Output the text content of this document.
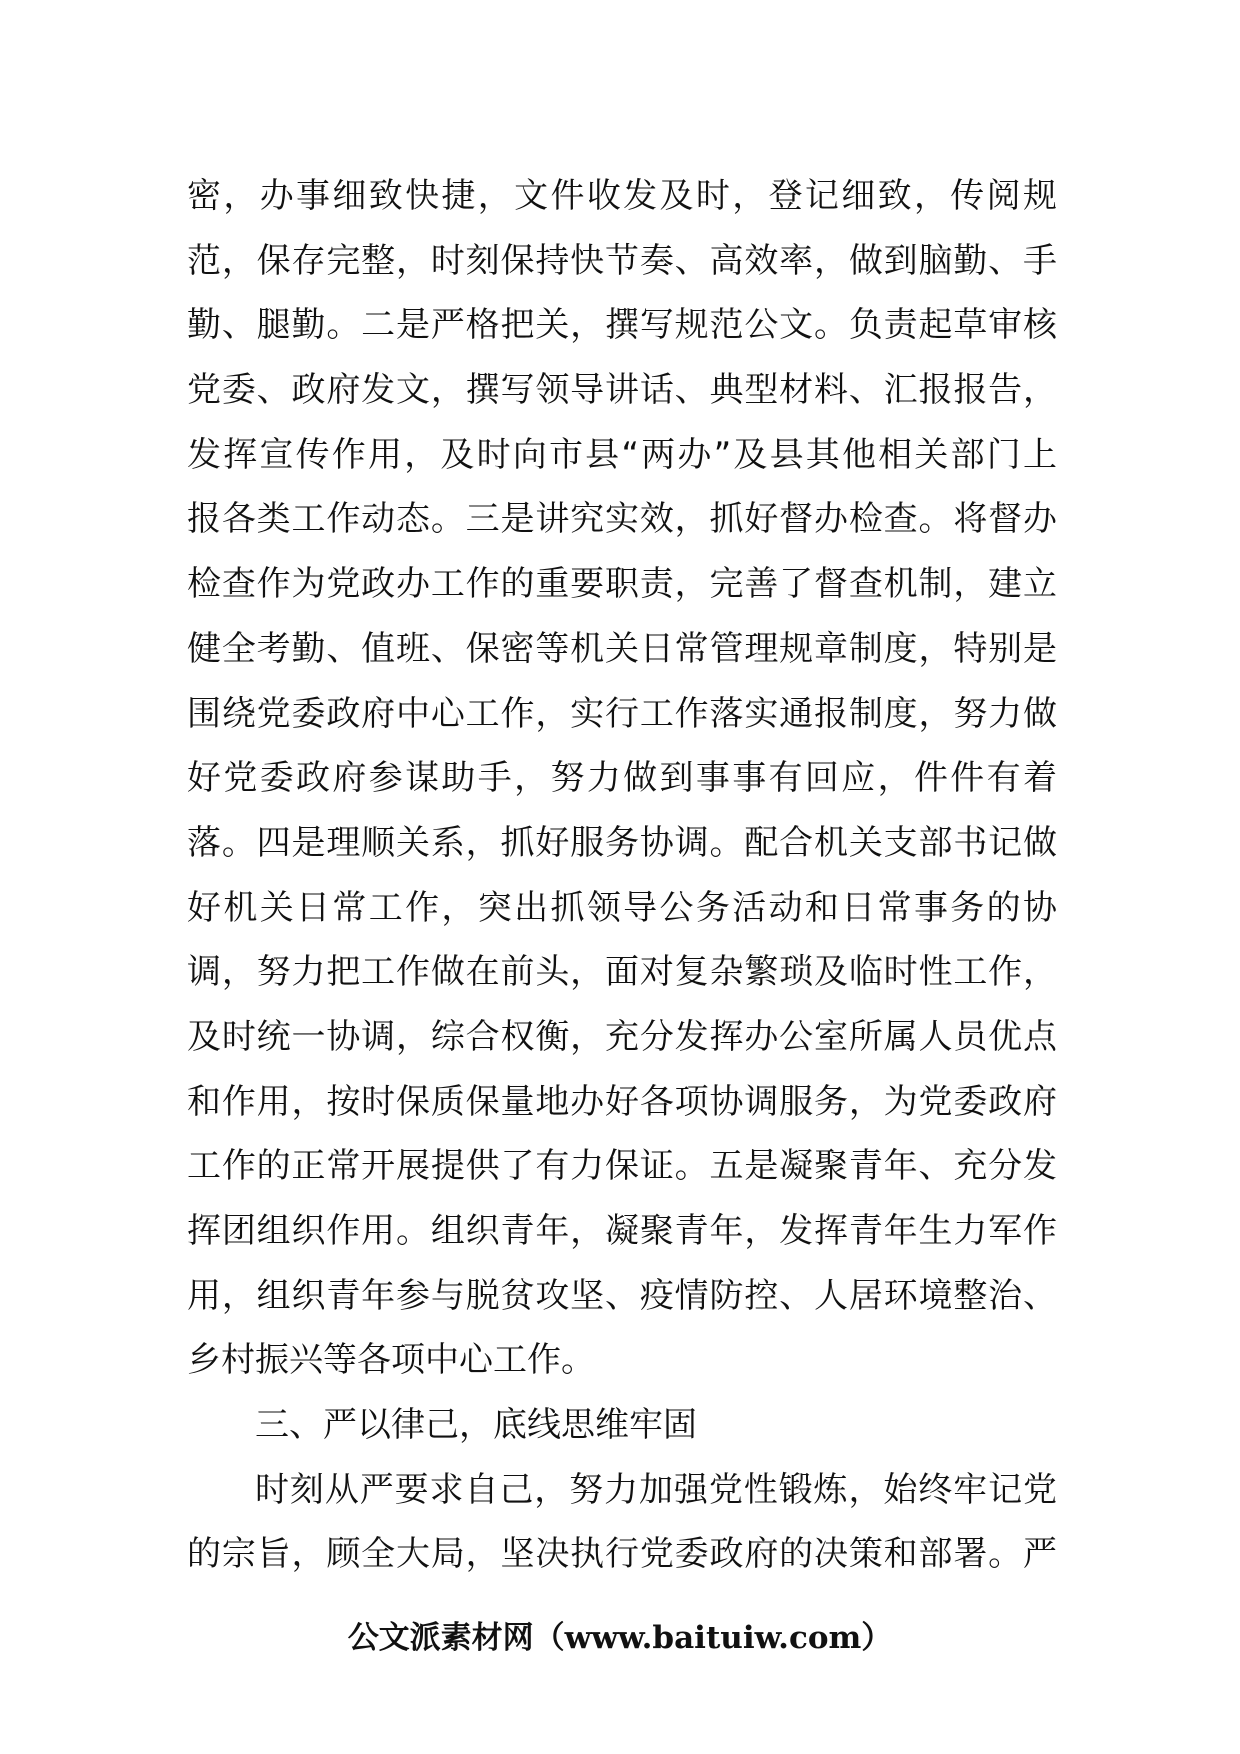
密，办事细致快捷，文件收发及时，登记细致，传阅规
范，保存完整，时刻保持快节奏、高效率，做到脑勤、手
勤、腿勤。二是严格把关，撰写规范公文。负责起草审核
党委、政府发文，撰写领导讲话、典型材料、汇报报告，
发挥宣传作用，及时向市县“两办”及县其他相关部门上
报各类工作动态。三是讲究实效，抓好督办检查。将督办
检查作为党政办工作的重要职责，完善了督查机制，建立
健全考勤、值班、保密等机关日常管理规章制度，特别是
围绕党委政府中心工作，实行工作落实通报制度，努力做
好党委政府参谋助手，努力做到事事有回应，件件有着
落。四是理顺关系，抓好服务协调。配合机关支部书记做
好机关日常工作，突出抓领导公务活动和日常事务的协
调，努力把工作做在前头，面对复杂繁琐及临时性工作，
及时统一协调，综合权衡，充分发挥办公室所属人员优点
和作用，按时保质保量地办好各项协调服务，为党委政府
工作的正常开展提供了有力保证。五是凝聚青年、充分发
挥团组织作用。组织青年，凝聚青年，发挥青年生力军作
用，组织青年参与脱贫攻坚、疫情防控、人居环境整治、
乡村振兴等各项中心工作。
三、严以律己，底线思维牢固
时刻从严要求自己，努力加强党性锻炼，始终牢记党
的宗旨，顾全大局，坚决执行党委政府的决策和部署。严
公文派素材网（www.baituiw.com）
